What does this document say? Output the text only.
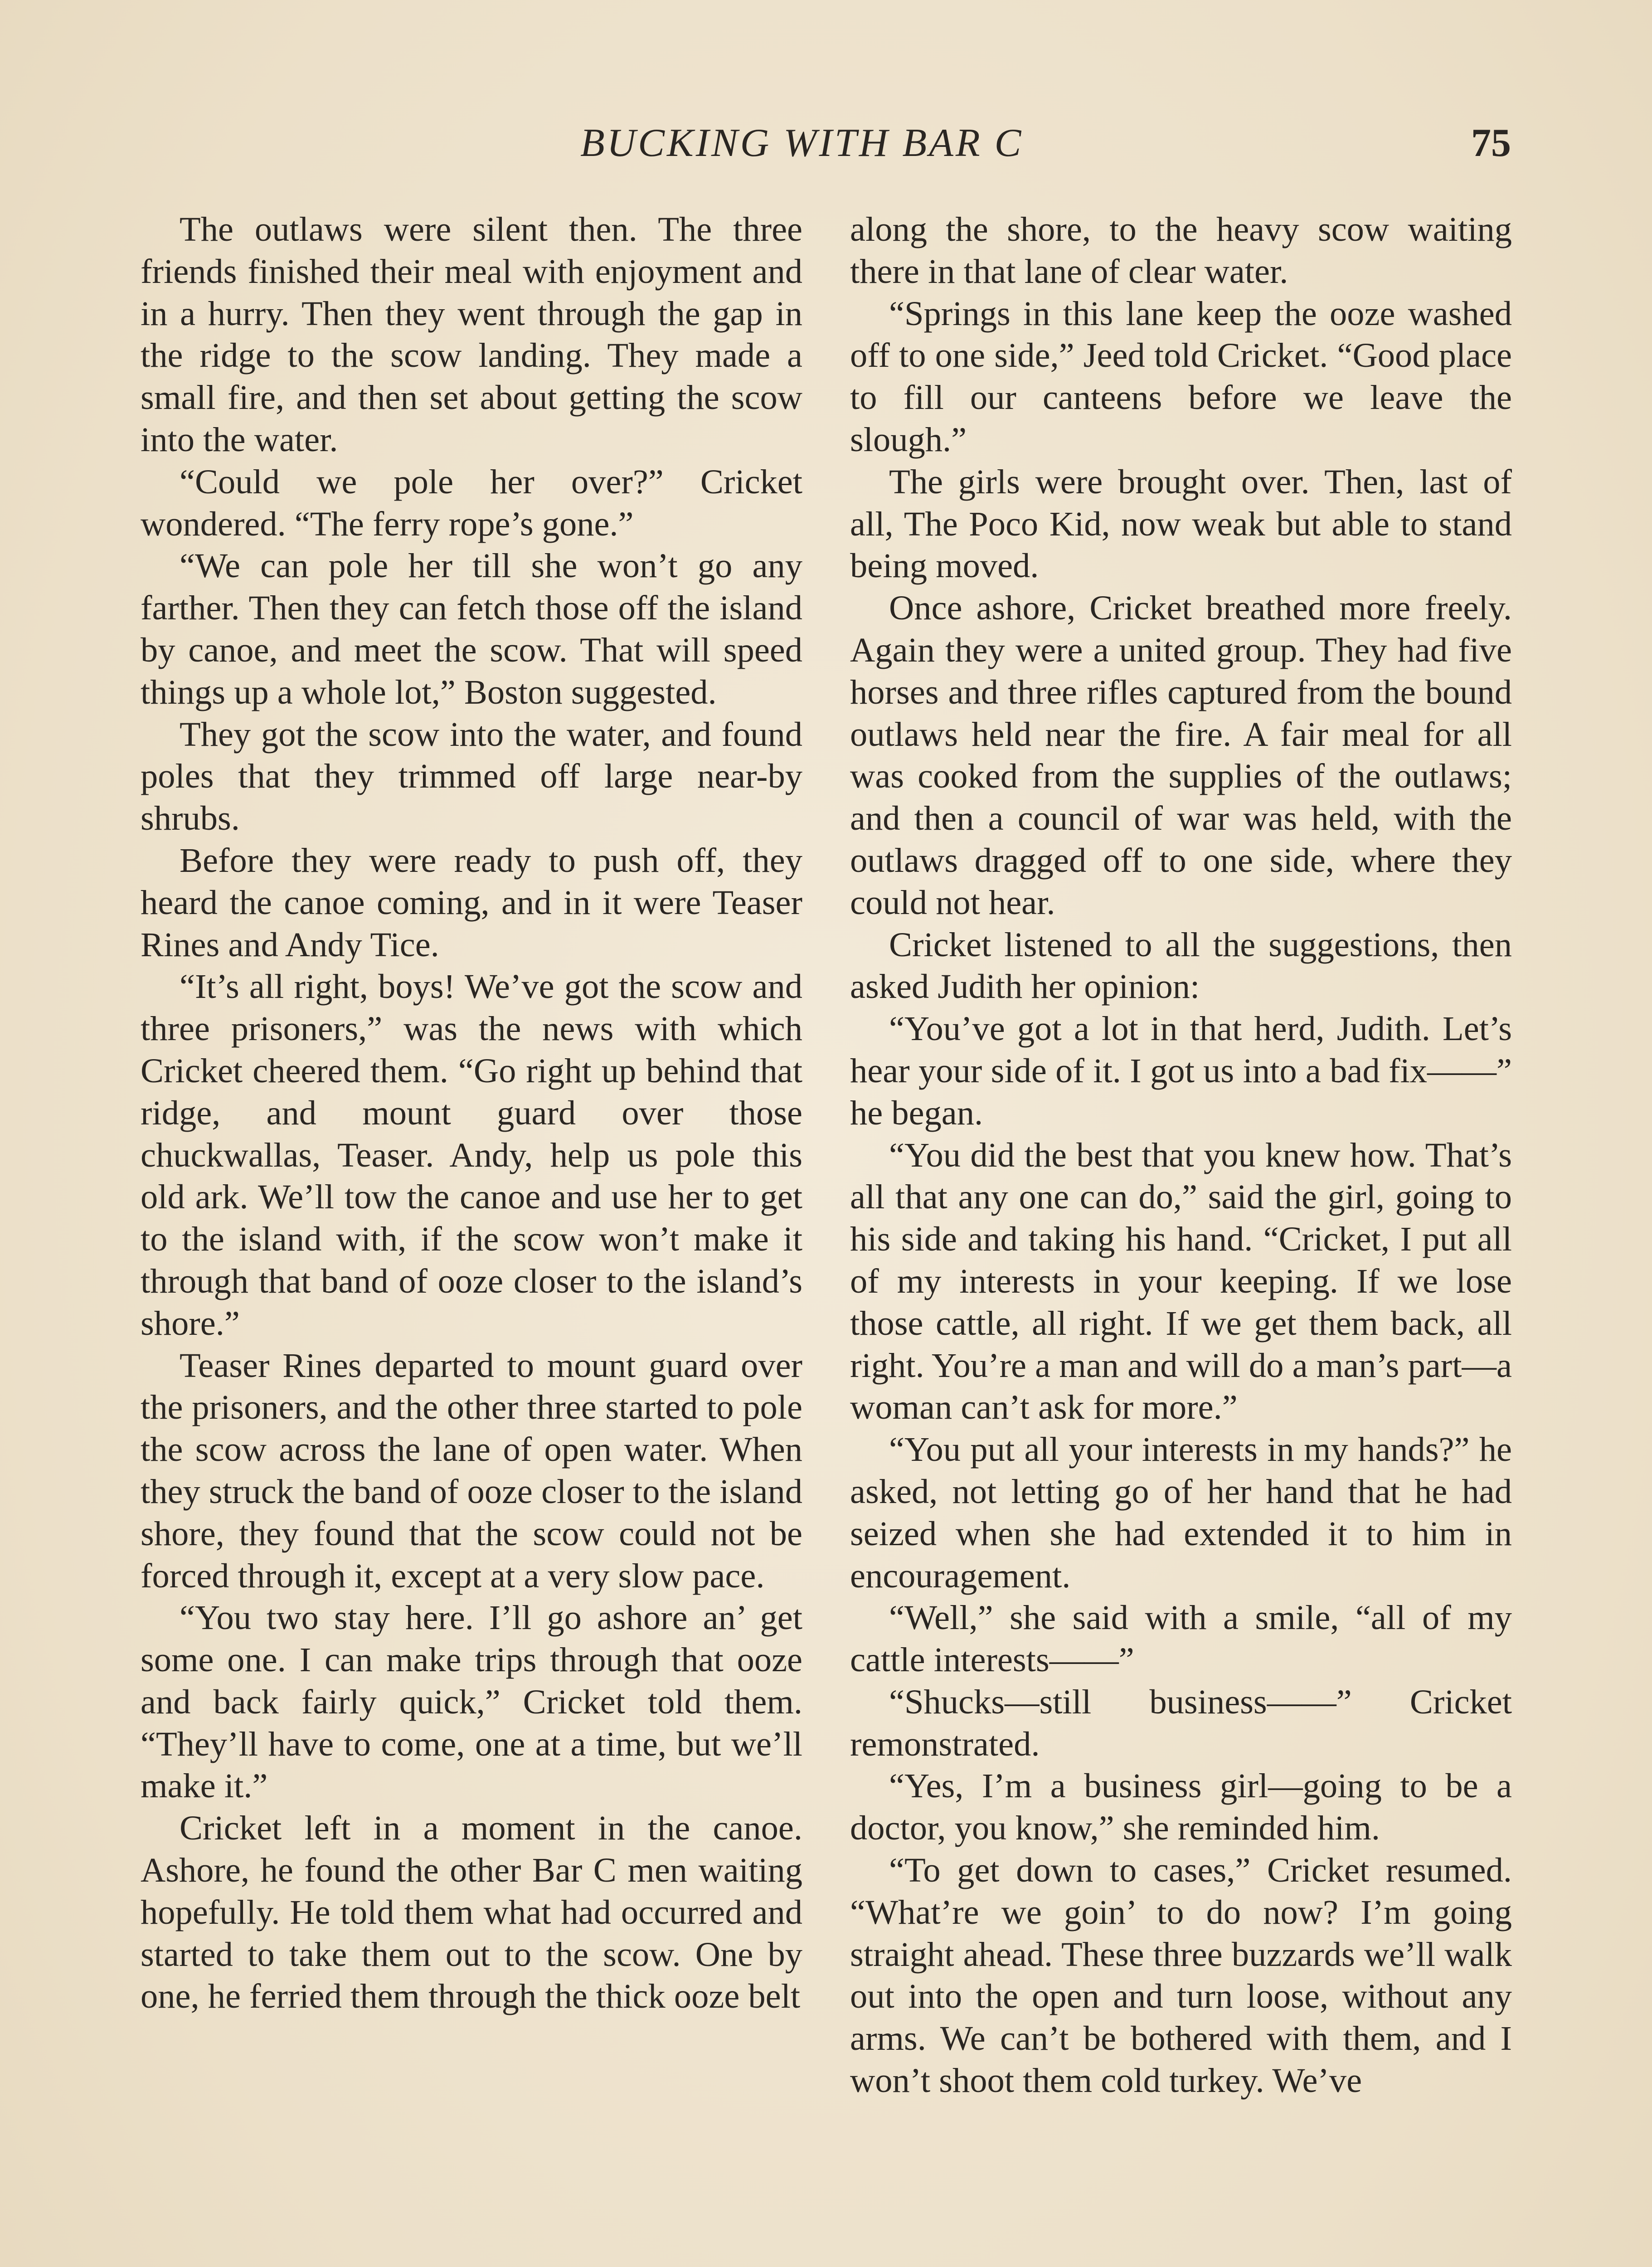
BUCKING WITH BAR C	75

The outlaws were silent then. The three friends finished their meal with enjoyment and in a hurry. Then they went through the gap in the ridge to the scow landing. They made a small fire, and then set about getting the scow into the water.

“Could we pole her over?” Cricket wondered. “The ferry rope’s gone.”

“We can pole her till she won’t go any farther. Then they can fetch those off the island by canoe, and meet the scow. That will speed things up a whole lot,” Boston suggested.

They got the scow into the water, and found poles that they trimmed off large near-by shrubs.

Before they were ready to push off, they heard the canoe coming, and in it were Teaser Rines and Andy Tice.

“It’s all right, boys! We’ve got the scow and three prisoners,” was the news with which Cricket cheered them. “Go right up behind that ridge, and mount guard over those chuckwallas, Teaser. Andy, help us pole this old ark. We’ll tow the canoe and use her to get to the island with, if the scow won’t make it through that band of ooze closer to the island’s shore.”

Teaser Rines departed to mount guard over the prisoners, and the other three started to pole the scow across the lane of open water. When they struck the band of ooze closer to the island shore, they found that the scow could not be forced through it, except at a very slow pace.

“You two stay here. I’ll go ashore an’ get some one. I can make trips through that ooze and back fairly quick,” Cricket told them. “They’ll have to come, one at a time, but we’ll make it.”

Cricket left in a moment in the canoe. Ashore, he found the other Bar C men waiting hopefully. He told them what had occurred and started to take them out to the scow. One by one, he ferried them through the thick ooze belt

along the shore, to the heavy scow waiting there in that lane of clear water.

“Springs in this lane keep the ooze washed off to one side,” Jeed told Cricket. “Good place to fill our canteens before we leave the slough.”

The girls were brought over. Then, last of all, The Poco Kid, now weak but able to stand being moved.

Once ashore, Cricket breathed more freely. Again they were a united group. They had five horses and three rifles captured from the bound outlaws held near the fire. A fair meal for all was cooked from the supplies of the outlaws; and then a council of war was held, with the outlaws dragged off to one side, where they could not hear.

Cricket listened to all the suggestions, then asked Judith her opinion:

“You’ve got a lot in that herd, Judith. Let’s hear your side of it. I got us into a bad fix——” he began.

“You did the best that you knew how. That’s all that any one can do,” said the girl, going to his side and taking his hand. “Cricket, I put all of my interests in your keeping. If we lose those cattle, all right. If we get them back, all right. You’re a man and will do a man’s part—a woman can’t ask for more.”

“You put all your interests in my hands?” he asked, not letting go of her hand that he had seized when she had extended it to him in encouragement.

“Well,” she said with a smile, “all of my cattle interests——”

“Shucks—still business——” Cricket remonstrated.

“Yes, I’m a business girl—going to be a doctor, you know,” she reminded him.

“To get down to cases,” Cricket resumed. “What’re we goin’ to do now? I’m going straight ahead. These three buzzards we’ll walk out into the open and turn loose, without any arms. We can’t be bothered with them, and I won’t shoot them cold turkey. We’ve
